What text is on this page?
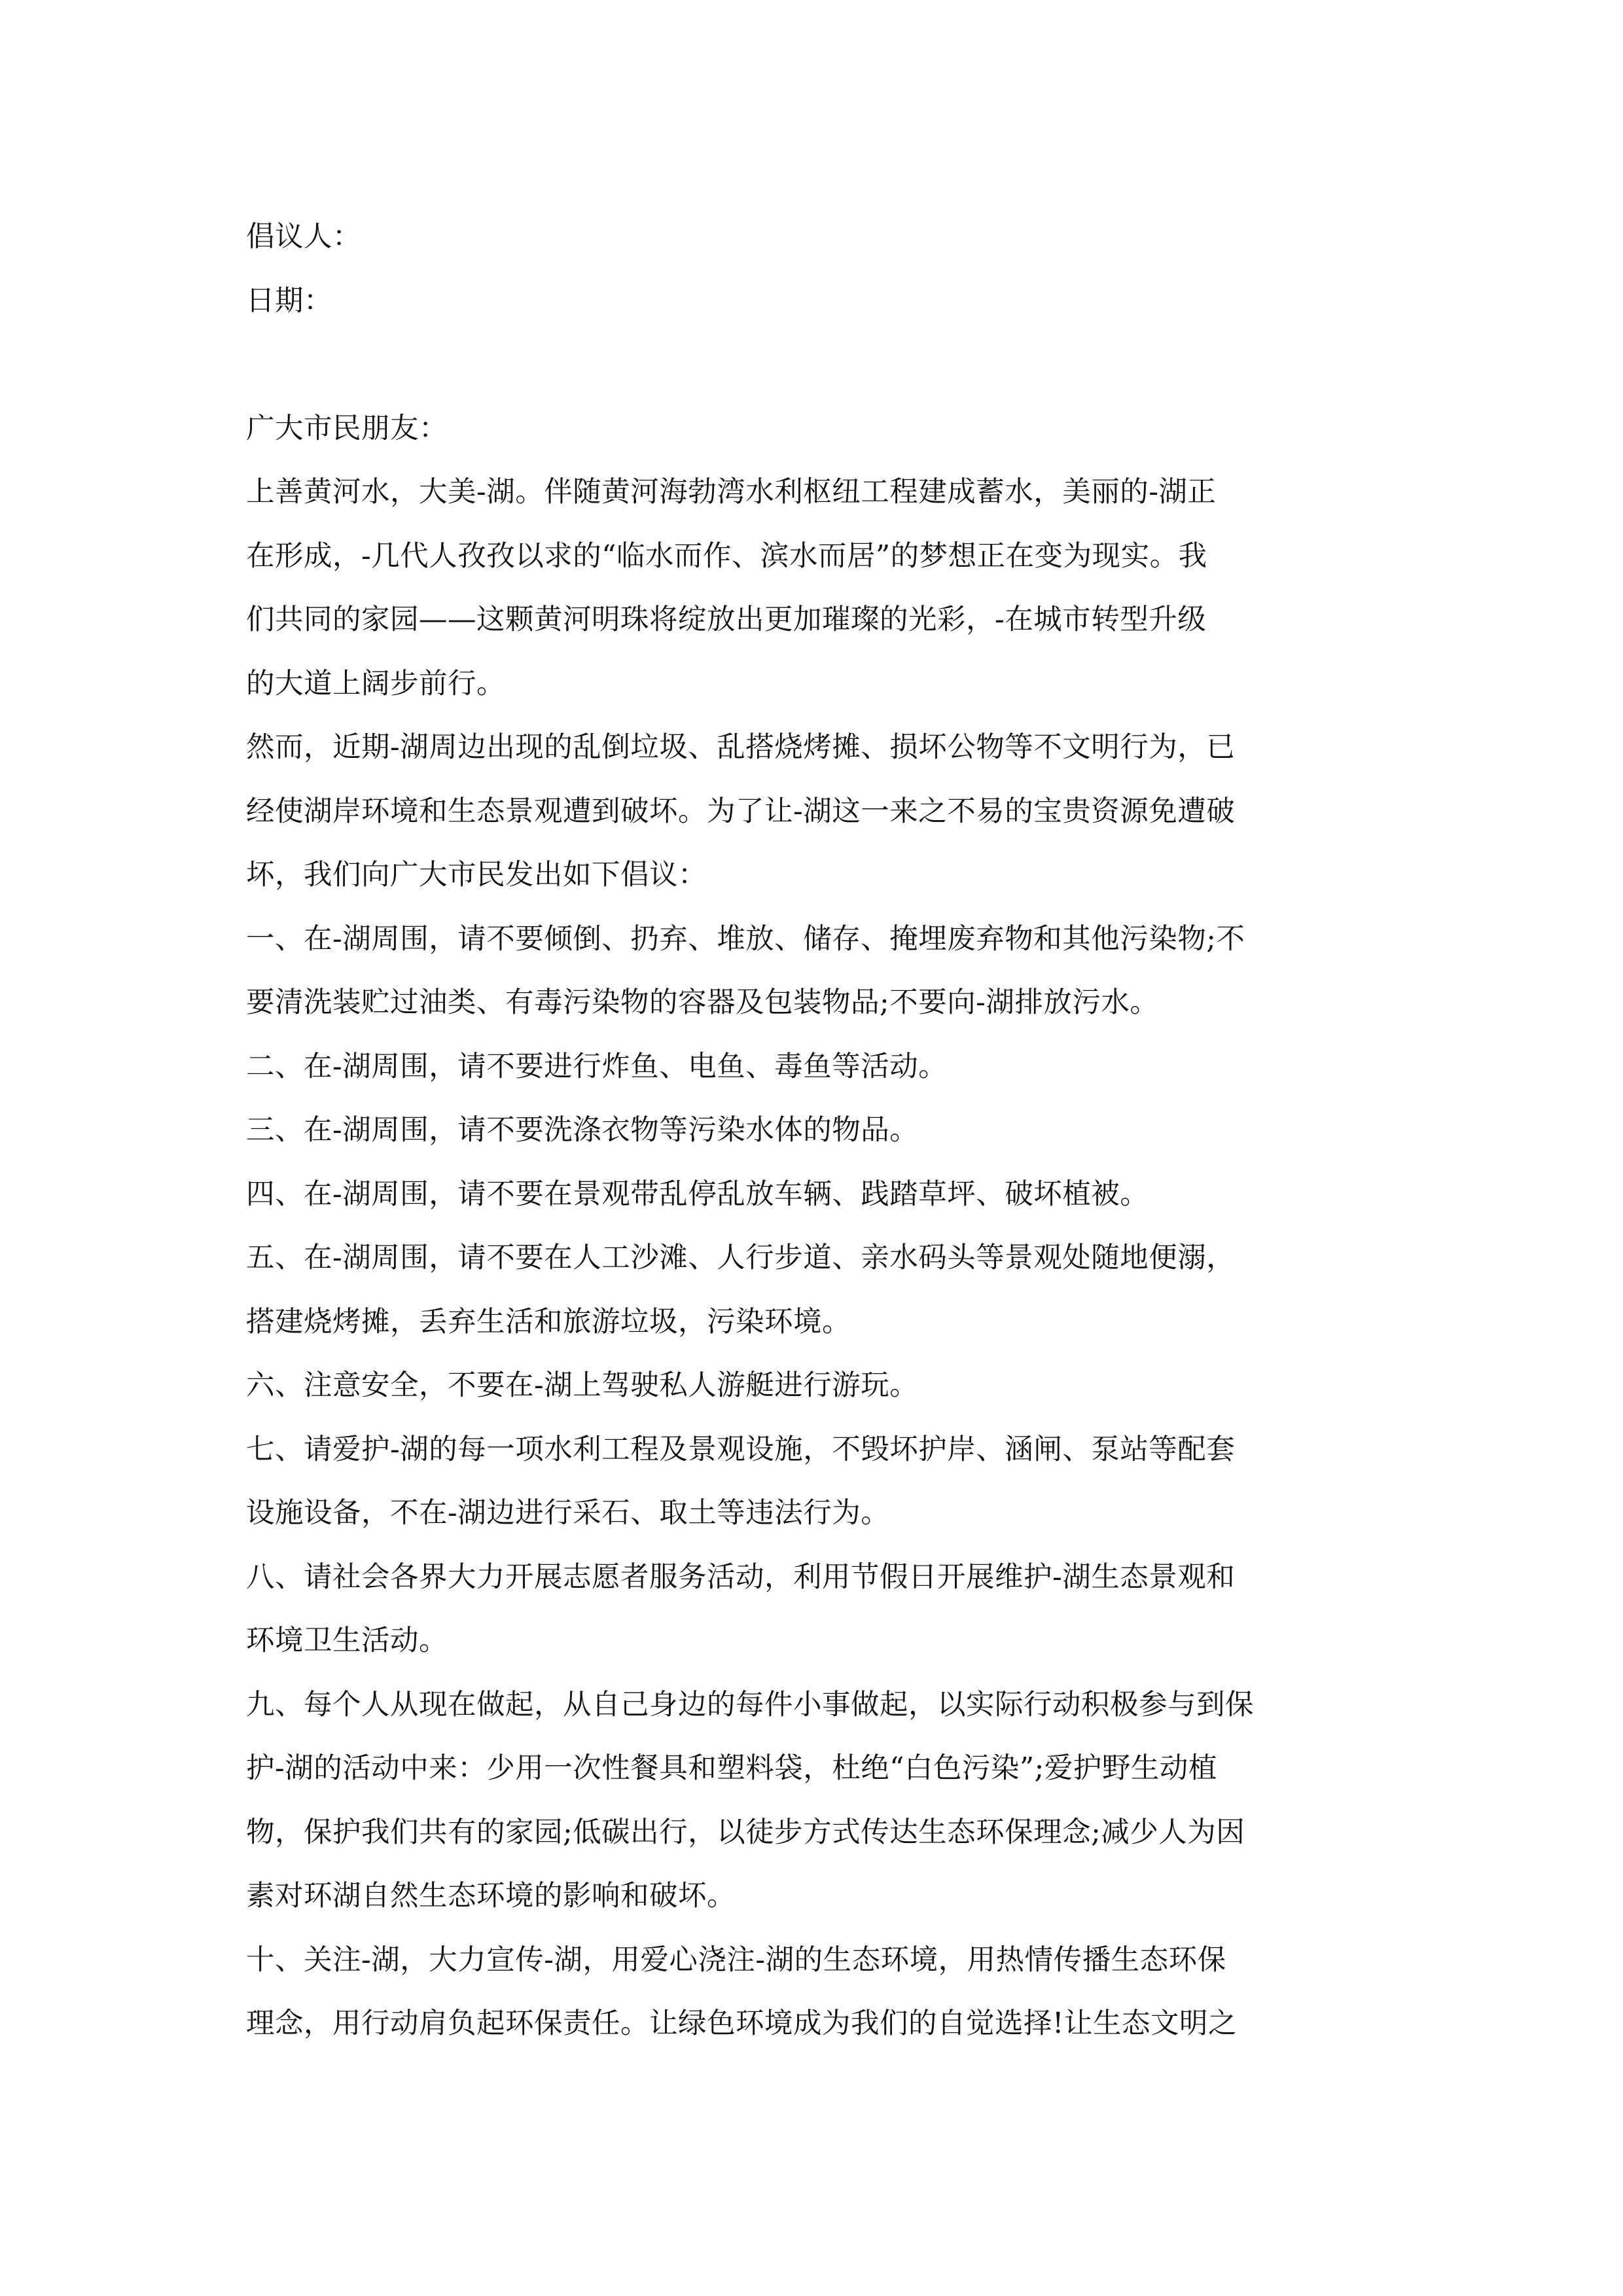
倡议人：
日期：
广大市民朋友：
上善黄河水，大美-湖。伴随黄河海勃湾水利枢纽工程建成蓄水，美丽的-湖正
在形成，-几代人孜孜以求的“临水而作、滨水而居”的梦想正在变为现实。我
们共同的家园——这颗黄河明珠将绽放出更加璀璨的光彩，-在城市转型升级
的大道上阔步前行。
然而，近期-湖周边出现的乱倒垃圾、乱搭烧烤摊、损坏公物等不文明行为，已
经使湖岸环境和生态景观遭到破坏。为了让-湖这一来之不易的宝贵资源免遭破
坏，我们向广大市民发出如下倡议：
一、在-湖周围，请不要倾倒、扔弃、堆放、储存、掩埋废弃物和其他污染物;不
要清洗装贮过油类、有毒污染物的容器及包装物品;不要向-湖排放污水。
二、在-湖周围，请不要进行炸鱼、电鱼、毒鱼等活动。
三、在-湖周围，请不要洗涤衣物等污染水体的物品。
四、在-湖周围，请不要在景观带乱停乱放车辆、践踏草坪、破坏植被。
五、在-湖周围，请不要在人工沙滩、人行步道、亲水码头等景观处随地便溺，
搭建烧烤摊，丢弃生活和旅游垃圾，污染环境。
六、注意安全，不要在-湖上驾驶私人游艇进行游玩。
七、请爱护-湖的每一项水利工程及景观设施，不毁坏护岸、涵闸、泵站等配套
设施设备，不在-湖边进行采石、取土等违法行为。
八、请社会各界大力开展志愿者服务活动，利用节假日开展维护-湖生态景观和
环境卫生活动。
九、每个人从现在做起，从自己身边的每件小事做起，以实际行动积极参与到保
护-湖的活动中来：少用一次性餐具和塑料袋，杜绝“白色污染”;爱护野生动植
物，保护我们共有的家园;低碳出行，以徒步方式传达生态环保理念;减少人为因
素对环湖自然生态环境的影响和破坏。
十、关注-湖，大力宣传-湖，用爱心浇注-湖的生态环境，用热情传播生态环保
理念，用行动肩负起环保责任。让绿色环境成为我们的自觉选择!让生态文明之
